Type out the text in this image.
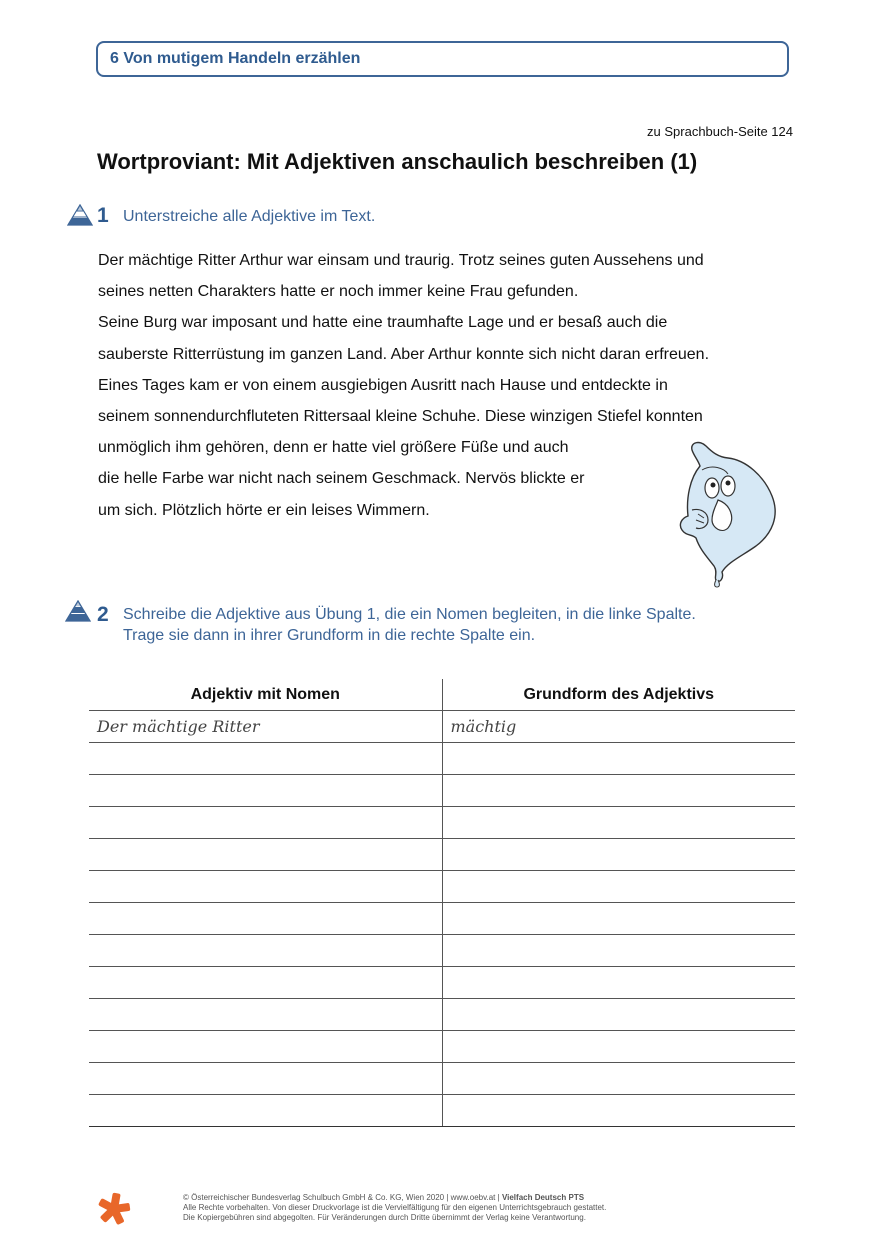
6 Von mutigem Handeln erzählen
zu Sprachbuch-Seite 124
Wortproviant: Mit Adjektiven anschaulich beschreiben (1)
1 Unterstreiche alle Adjektive im Text.

Der mächtige Ritter Arthur war einsam und traurig. Trotz seines guten Aussehens und

seines netten Charakters hatte er noch immer keine Frau gefunden.

Seine Burg war imposant und hatte eine traumhafte Lage und er besaß auch die

sauberste Ritterrüstung im ganzen Land. Aber Arthur konnte sich nicht daran erfreuen.

Eines Tages kam er von einem ausgiebigen Ausritt nach Hause und entdeckte in

seinem sonnendurchfluteten Rittersaal kleine Schuhe. Diese winzigen Stiefel konnten

unmöglich ihm gehören, denn er hatte viel größere Füße und auch

die helle Farbe war nicht nach seinem Geschmack. Nervös blickte er

um sich. Plötzlich hörte er ein leises Wimmern.

2 Schreibe die Adjektive aus Übung 1, die ein Nomen begleiten, in die linke Spalte.
Trage sie dann in ihrer Grundform in die rechte Spalte ein.
Adjektiv mit Nomen	Grundform des Adjektivs
Der mächtige Ritter	mächtig

© Österreichischer Bundesverlag Schulbuch GmbH & Co. KG, Wien 2020 | www.oebv.at | Vielfach Deutsch PTS
Alle Rechte vorbehalten. Von dieser Druckvorlage ist die Vervielfältigung für den eigenen Unterrichtsgebrauch gestattet.
Die Kopiergebühren sind abgegolten. Für Veränderungen durch Dritte übernimmt der Verlag keine Verantwortung.
